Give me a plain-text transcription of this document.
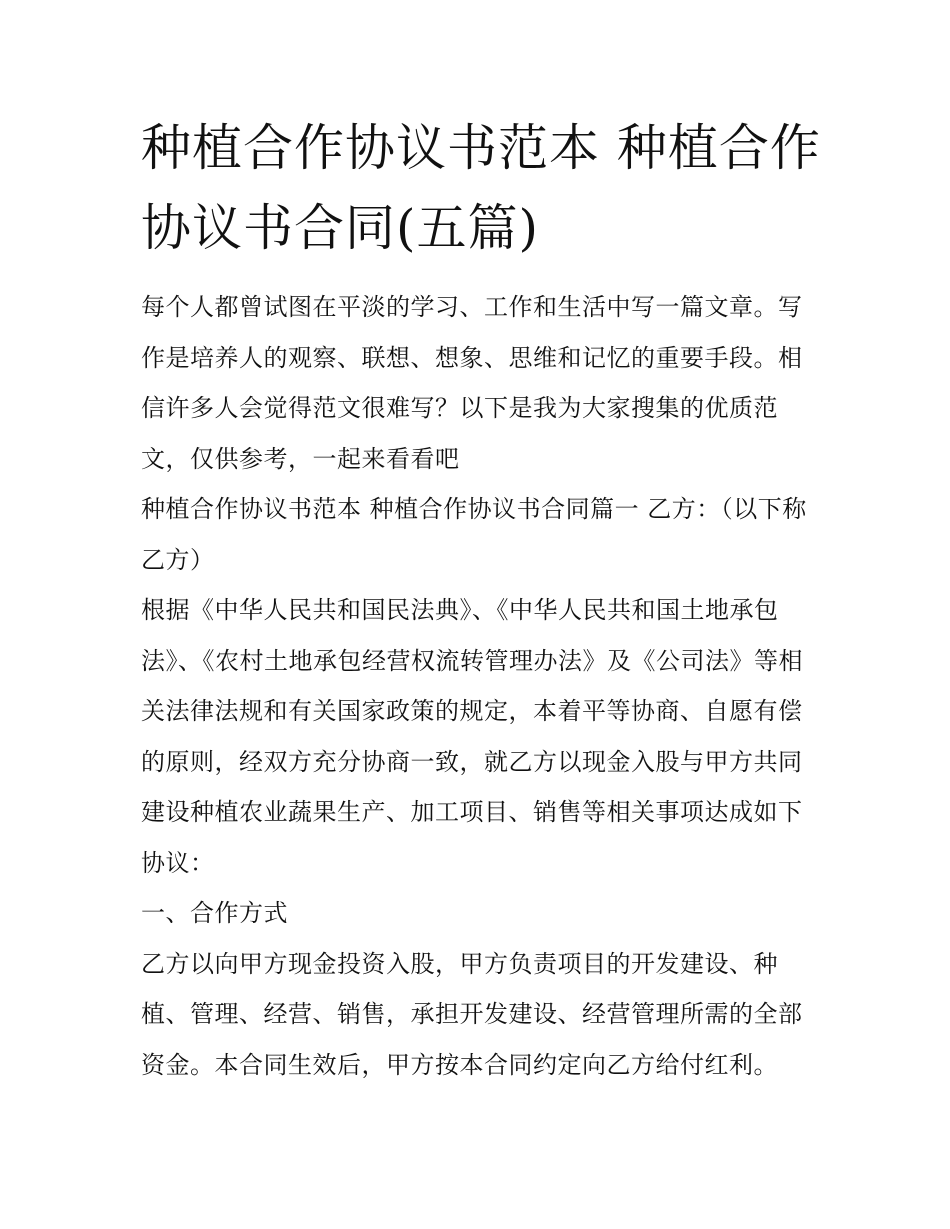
种植合作协议书范本 种植合作协议书合同(五篇)

每个人都曾试图在平淡的学习、工作和生活中写一篇文章。写作是培养人的观察、联想、想象、思维和记忆的重要手段。相信许多人会觉得范文很难写？以下是我为大家搜集的优质范文，仅供参考，一起来看看吧

种植合作协议书范本 种植合作协议书合同篇一 乙方：（以下称乙方）

根据《中华人民共和国民法典》、《中华人民共和国土地承包法》、《农村土地承包经营权流转管理办法》及《公司法》等相关法律法规和有关国家政策的规定，本着平等协商、自愿有偿的原则，经双方充分协商一致，就乙方以现金入股与甲方共同建设种植农业蔬果生产、加工项目、销售等相关事项达成如下协议：

一、合作方式

乙方以向甲方现金投资入股，甲方负责项目的开发建设、种植、管理、经营、销售，承担开发建设、经营管理所需的全部资金。本合同生效后，甲方按本合同约定向乙方给付红利。
